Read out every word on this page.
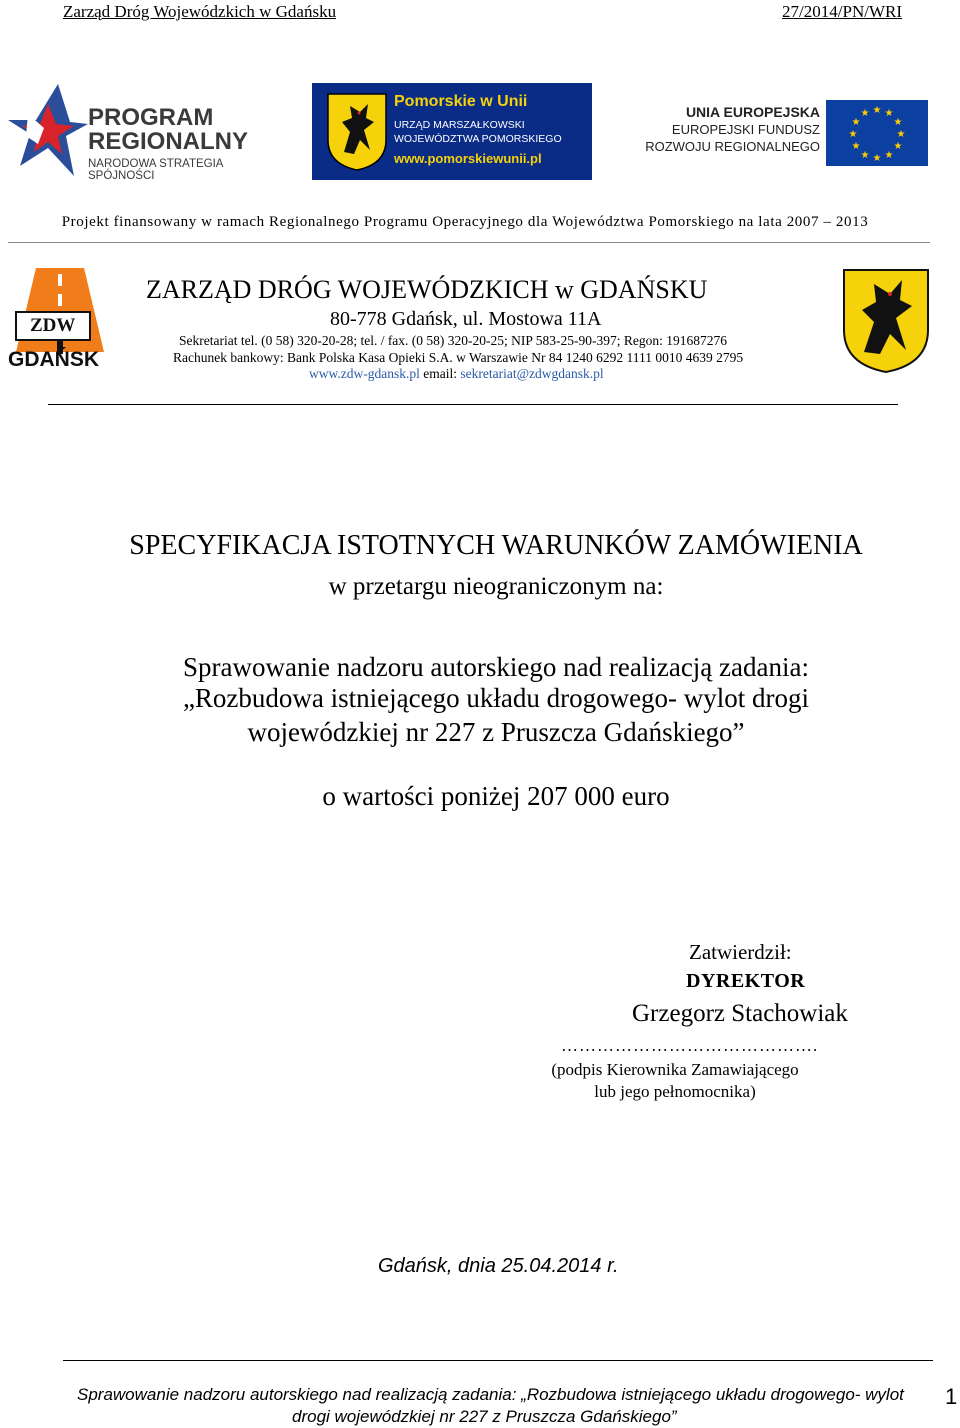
Zarząd Dróg Wojewódzkich w Gdańsku	27/2014/PN/WRI
PROGRAM
REGIONALNY
NARODOWA STRATEGIA SPÓJNOŚCI
Pomorskie w Unii
URZĄD MARSZAŁKOWSKI
WOJEWÓDZTWA POMORSKIEGO
www.pomorskiewunii.pl
UNIA EUROPEJSKA
EUROPEJSKI FUNDUSZ
ROZWOJU REGIONALNEGO
★ ★
★
★
★
★
★
★
★
★
★
★
Projekt finansowany w ramach Regionalnego Programu Operacyjnego dla Województwa Pomorskiego na lata 2007 – 2013
ZDW
GDAŃSK
ZARZĄD DRÓG WOJEWÓDZKICH w GDAŃSKU
80-778 Gdańsk, ul. Mostowa 11A
Sekretariat tel. (0 58) 320-20-28; tel. / fax. (0 58) 320-20-25; NIP 583-25-90-397; Regon: 191687276
Rachunek bankowy: Bank Polska Kasa Opieki S.A. w Warszawie Nr 84 1240 6292 1111 0010 4639 2795
www.zdw-gdansk.pl email: sekretariat@zdwgdansk.pl
SPECYFIKACJA ISTOTNYCH WARUNKÓW ZAMÓWIENIA
w przetargu nieograniczonym na:
Sprawowanie nadzoru autorskiego nad realizacją zadania:
„Rozbudowa istniejącego układu drogowego- wylot drogi
wojewódzkiej nr 227 z Pruszcza Gdańskiego”
o wartości poniżej 207 000 euro
Zatwierdził:
DYREKTOR
Grzegorz Stachowiak
…………………………………….
(podpis Kierownika Zamawiającego
lub jego pełnomocnika)
Gdańsk, dnia 25.04.2014 r.
Sprawowanie nadzoru autorskiego nad realizacją zadania: „Rozbudowa istniejącego układu drogowego- wylot
drogi wojewódzkiej nr 227 z Pruszcza Gdańskiego”
1
